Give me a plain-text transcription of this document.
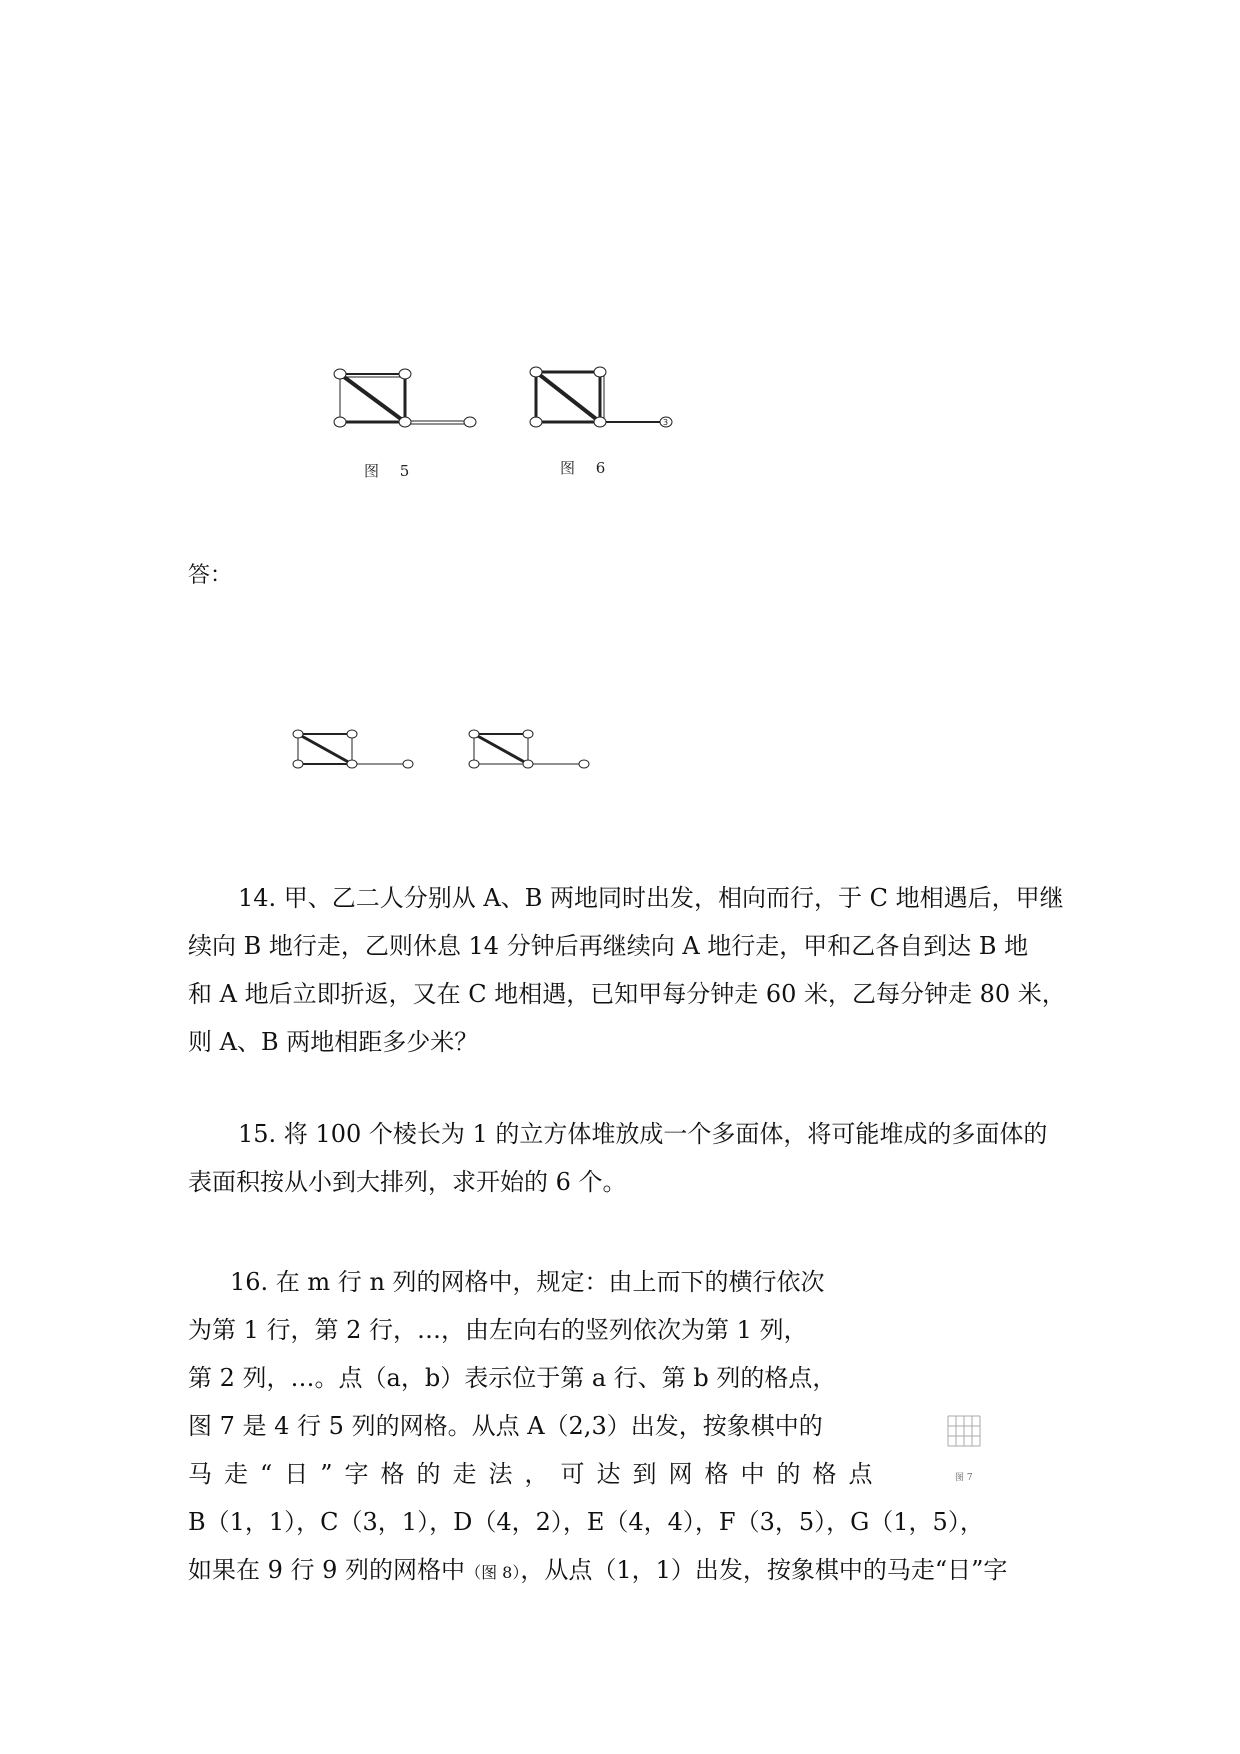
图 5
3
图 6
答：
14. 甲、乙二人分别从 A、B 两地同时出发，相向而行，于 C 地相遇后，甲继
续向 B 地行走，乙则休息 14 分钟后再继续向 A 地行走，甲和乙各自到达 B 地
和 A 地后立即折返，又在 C 地相遇，已知甲每分钟走 60 米，乙每分钟走 80 米，
则 A、B 两地相距多少米？
15. 将 100 个棱长为 1 的立方体堆放成一个多面体，将可能堆成的多面体的
表面积按从小到大排列，求开始的 6 个。
16. 在 m 行 n 列的网格中，规定：由上而下的横行依次
为第 1 行，第 2 行，…，由左向右的竖列依次为第 1 列，
第 2 列，…。点（a，b）表示位于第 a 行、第 b 列的格点，
图 7 是 4 行 5 列的网格。从点 A（2,3）出发，按象棋中的
马走“日”字格的走法，可达到网格中的格点
B（1，1），C（3，1），D（4，2），E（4，4），F（3，5），G（1，5），
如果在 9 行 9 列的网格中（图 8），从点（1，1）出发，按象棋中的马走“日”字
图 7
